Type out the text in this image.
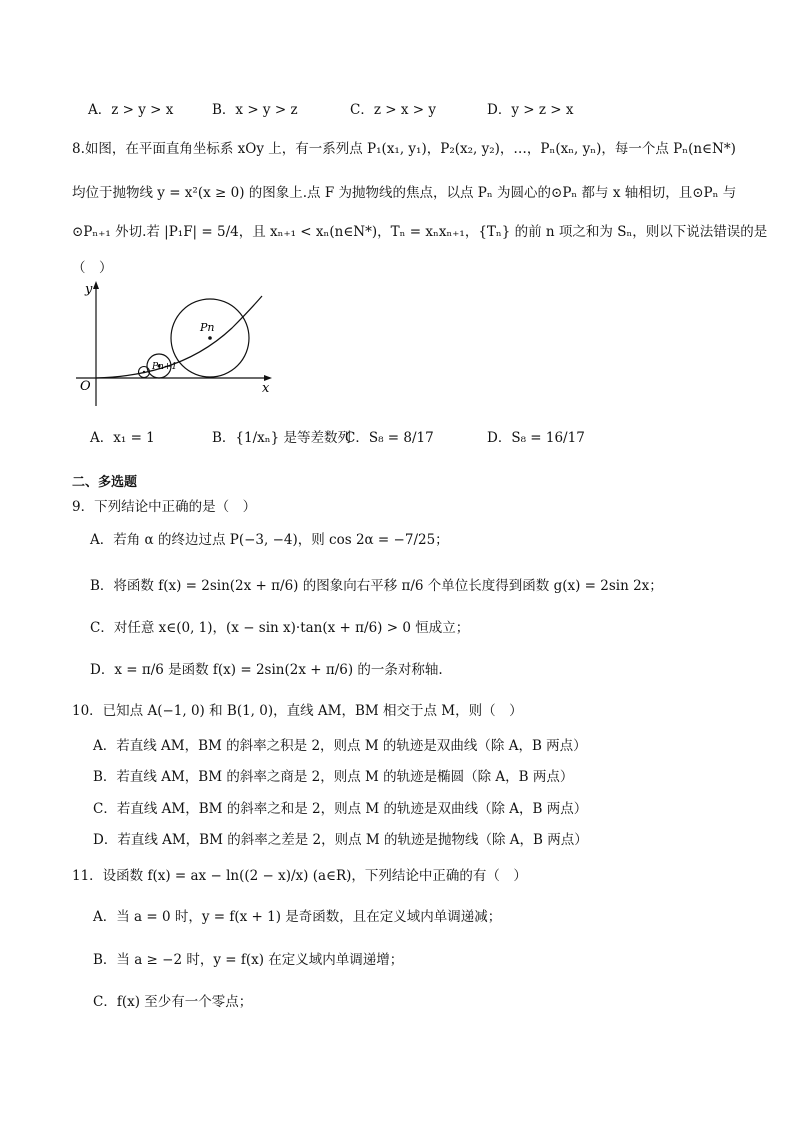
A．z > y > x	B．x > y > z	C．z > x > y	D．y > z > x
8.如图，在平面直角坐标系 xOy 上，有一系列点 P₁(x₁, y₁)，P₂(x₂, y₂)，…，Pₙ(xₙ, yₙ)，每一个点 Pₙ(n∈N*)
均位于抛物线 y = x²(x ≥ 0) 的图象上.点 F 为抛物线的焦点，以点 Pₙ 为圆心的⊙Pₙ 都与 x 轴相切，且⊙Pₙ 与
⊙Pₙ₊₁ 外切.若 |P₁F| = 5/4，且 xₙ₊₁ < xₙ(n∈N*)，Tₙ = xₙxₙ₊₁，{Tₙ} 的前 n 项之和为 Sₙ，则以下说法错误的是
（　）
y
x
O
Pn
Pn+1
A．x₁ = 1	B．{1/xₙ} 是等差数列
C．S₈ = 8/17	D．S₈ = 16/17
二、多选题
9．下列结论中正确的是（　）
A．若角 α 的终边过点 P(−3, −4)，则 cos 2α = −7/25；
B．将函数 f(x) = 2sin(2x + π/6) 的图象向右平移 π/6 个单位长度得到函数 g(x) = 2sin 2x；
C．对任意 x∈(0, 1)，(x − sin x)·tan(x + π/6) > 0 恒成立；
D．x = π/6 是函数 f(x) = 2sin(2x + π/6) 的一条对称轴.
10．已知点 A(−1, 0) 和 B(1, 0)，直线 AM，BM 相交于点 M，则（　）
A．若直线 AM，BM 的斜率之积是 2，则点 M 的轨迹是双曲线（除 A，B 两点）
B．若直线 AM，BM 的斜率之商是 2，则点 M 的轨迹是椭圆（除 A，B 两点）
C．若直线 AM，BM 的斜率之和是 2，则点 M 的轨迹是双曲线（除 A，B 两点）
D．若直线 AM，BM 的斜率之差是 2，则点 M 的轨迹是抛物线（除 A，B 两点）
11．设函数 f(x) = ax − ln((2 − x)/x) (a∈R)，下列结论中正确的有（　）
A．当 a = 0 时，y = f(x + 1) 是奇函数，且在定义域内单调递减；
B．当 a ≥ −2 时，y = f(x) 在定义域内单调递增；
C．f(x) 至少有一个零点；
